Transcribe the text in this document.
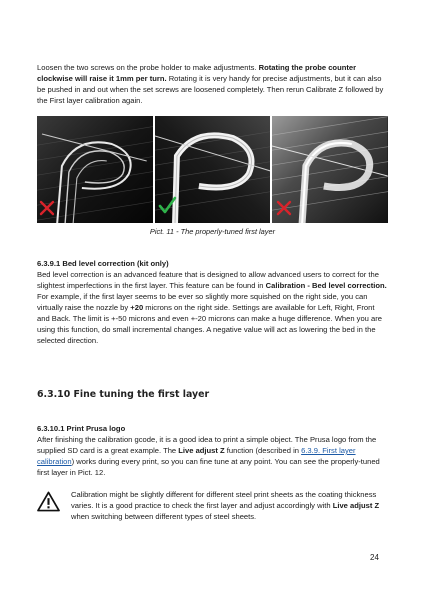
Loosen the two screws on the probe holder to make adjustments. Rotating the probe counter clockwise will raise it 1mm per turn. Rotating it is very handy for precise adjustments, but it can also be pushed in and out when the set screws are loosened completely. Then rerun Calibrate Z followed by the First layer calibration again.

Pict. 11 - The properly-tuned first layer

6.3.9.1 Bed level correction (kit only)

Bed level correction is an advanced feature that is designed to allow advanced users to correct for the slightest imperfections in the first layer. This feature can be found in Calibration - Bed level correction. For example, if the first layer seems to be ever so slightly more squished on the right side, you can virtually raise the nozzle by +20 microns on the right side. Settings are available for Left, Right, Front and Back. The limit is +-50 microns and even +-20 microns can make a huge difference. When you are using this function, do small incremental changes. A negative value will act as lowering the bed in the selected direction.

6.3.10 Fine tuning the first layer

6.3.10.1 Print Prusa logo

After finishing the calibration gcode, it is a good idea to print a simple object. The Prusa logo from the supplied SD card is a great example. The Live adjust Z function (described in 6.3.9. First layer calibration) works during every print, so you can fine tune at any point. You can see the properly-tuned first layer in Pict. 12.

Calibration might be slightly different for different steel print sheets as the coating thickness varies. It is a good practice to check the first layer and adjust accordingly with Live adjust Z when switching between different types of steel sheets.

24
